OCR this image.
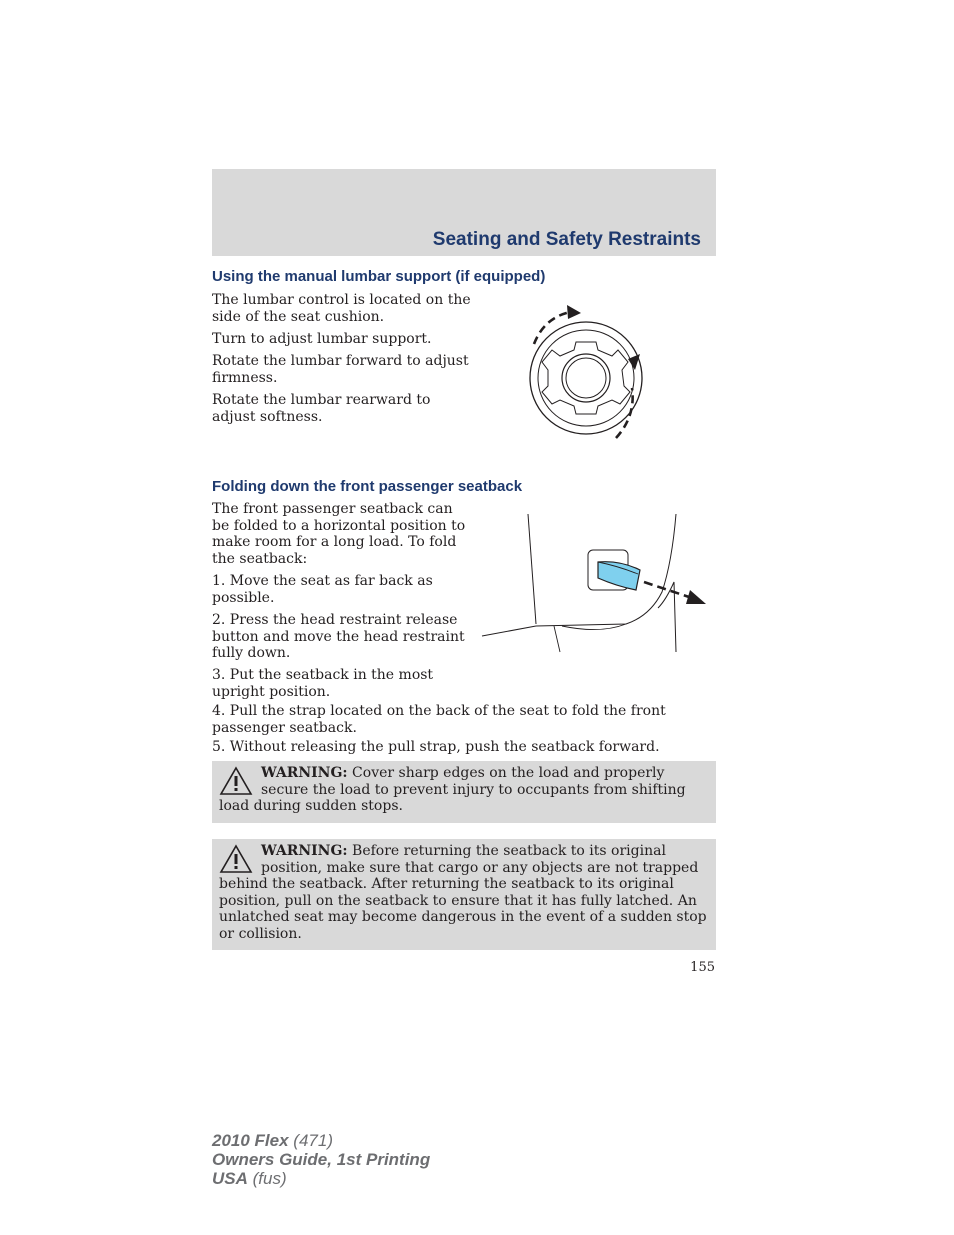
Seating and Safety Restraints
Using the manual lumbar support (if equipped)

The lumbar control is located on the side of the seat cushion.

Turn to adjust lumbar support.

Rotate the lumbar forward to adjust firmness.

Rotate the lumbar rearward to adjust softness.

Folding down the front passenger seatback

The front passenger seatback can be folded to a horizontal position to make room for a long load. To fold the seatback:

1. Move the seat as far back as possible.

2. Press the head restraint release button and move the head restraint fully down.

3. Put the seatback in the most upright position.

4. Pull the strap located on the back of the seat to fold the front passenger seatback.

5. Without releasing the pull strap, push the seatback forward.

WARNING: Cover sharp edges on the load and properly secure the load to prevent injury to occupants from shifting load during sudden stops.
WARNING: Before returning the seatback to its original position, make sure that cargo or any objects are not trapped behind the seatback. After returning the seatback to its original position, pull on the seatback to ensure that it has fully latched. An unlatched seat may become dangerous in the event of a sudden stop or collision.
155
2010 Flex (471)
Owners Guide, 1st Printing
USA (fus)
